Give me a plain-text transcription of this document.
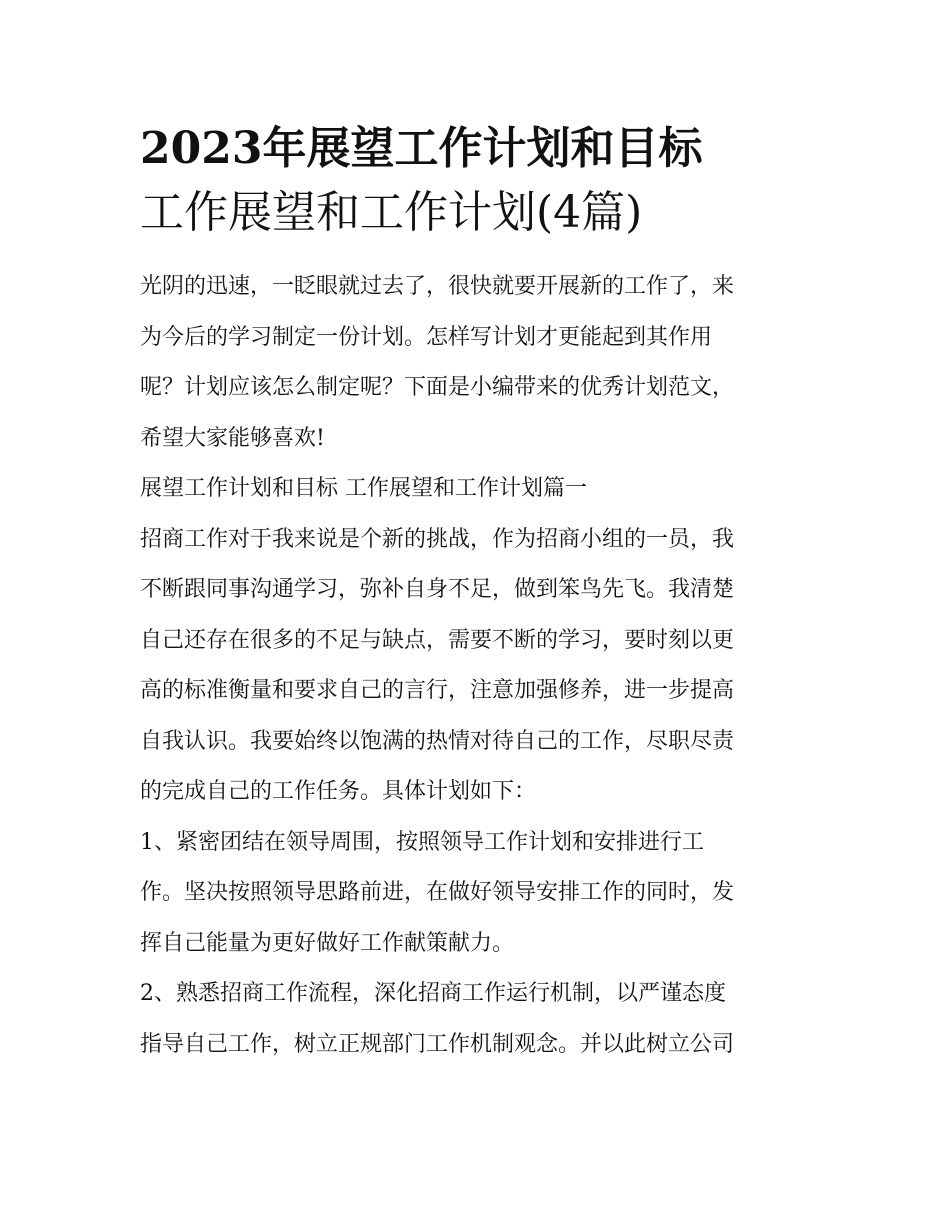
2023年展望工作计划和目标
工作展望和工作计划(4篇)

光阴的迅速，一眨眼就过去了，很快就要开展新的工作了，来
为今后的学习制定一份计划。怎样写计划才更能起到其作用
呢？计划应该怎么制定呢？下面是小编带来的优秀计划范文，
希望大家能够喜欢!

展望工作计划和目标 工作展望和工作计划篇一

招商工作对于我来说是个新的挑战，作为招商小组的一员，我
不断跟同事沟通学习，弥补自身不足，做到笨鸟先飞。我清楚
自己还存在很多的不足与缺点，需要不断的学习，要时刻以更
高的标准衡量和要求自己的言行，注意加强修养，进一步提高
自我认识。我要始终以饱满的热情对待自己的工作，尽职尽责
的完成自己的工作任务。具体计划如下：

1、紧密团结在领导周围，按照领导工作计划和安排进行工
作。坚决按照领导思路前进，在做好领导安排工作的同时，发
挥自己能量为更好做好工作献策献力。

2、熟悉招商工作流程，深化招商工作运行机制，以严谨态度
指导自己工作，树立正规部门工作机制观念。并以此树立公司
